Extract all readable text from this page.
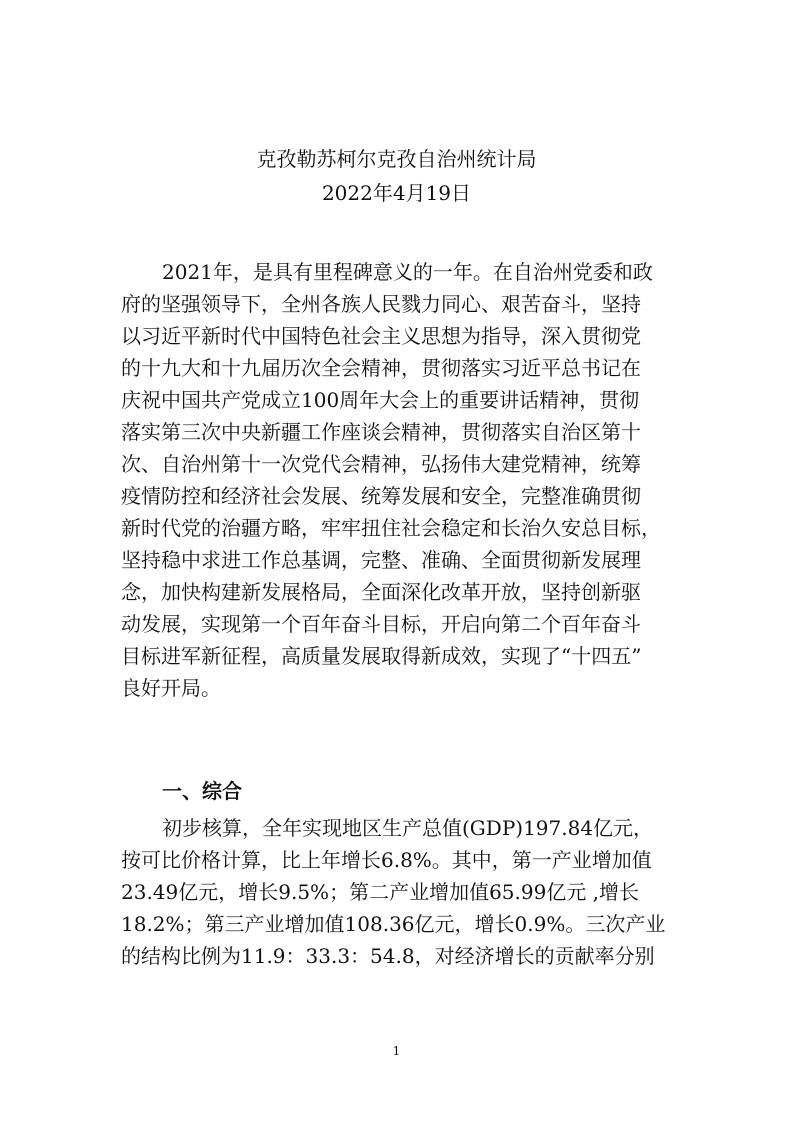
克孜勒苏柯尔克孜自治州统计局
2022年4月19日
2021年，是具有里程碑意义的一年。在自治州党委和政
府的坚强领导下，全州各族人民戮力同心、艰苦奋斗，坚持
以习近平新时代中国特色社会主义思想为指导，深入贯彻党
的十九大和十九届历次全会精神，贯彻落实习近平总书记在
庆祝中国共产党成立100周年大会上的重要讲话精神，贯彻
落实第三次中央新疆工作座谈会精神，贯彻落实自治区第十
次、自治州第十一次党代会精神，弘扬伟大建党精神，统筹
疫情防控和经济社会发展、统筹发展和安全，完整准确贯彻
新时代党的治疆方略，牢牢扭住社会稳定和长治久安总目标，
坚持稳中求进工作总基调，完整、准确、全面贯彻新发展理
念，加快构建新发展格局，全面深化改革开放，坚持创新驱
动发展，实现第一个百年奋斗目标，开启向第二个百年奋斗
目标进军新征程，高质量发展取得新成效，实现了“十四五”
良好开局。
一、综合
初步核算，全年实现地区生产总值(GDP)197.84亿元，
按可比价格计算，比上年增长6.8%。其中，第一产业增加值
23.49亿元，增长9.5%；第二产业增加值65.99亿元 ,增长
18.2%；第三产业增加值108.36亿元，增长0.9%。三次产业
的结构比例为11.9：33.3：54.8，对经济增长的贡献率分别
1
